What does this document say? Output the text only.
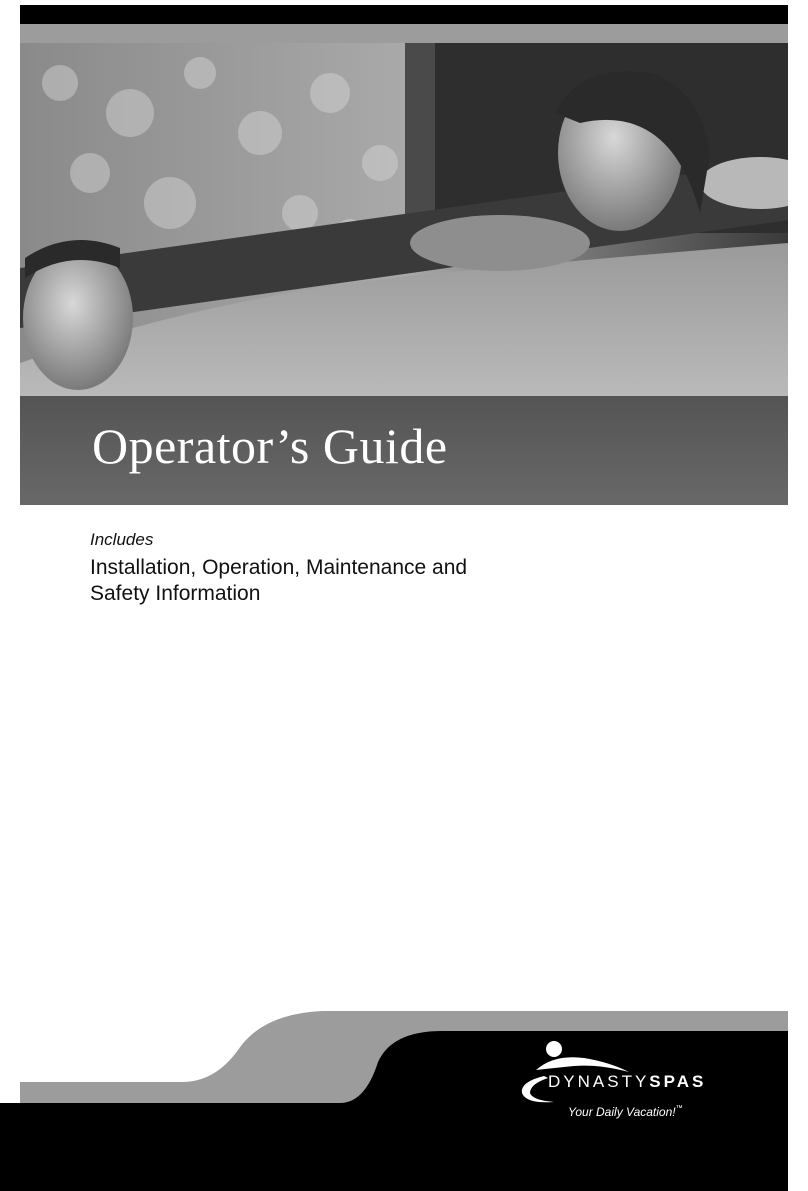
Operator’s Guide
Includes
Installation, Operation, Maintenance and
Safety Information
DYNASTYSPAS
Your Daily Vacation!™
